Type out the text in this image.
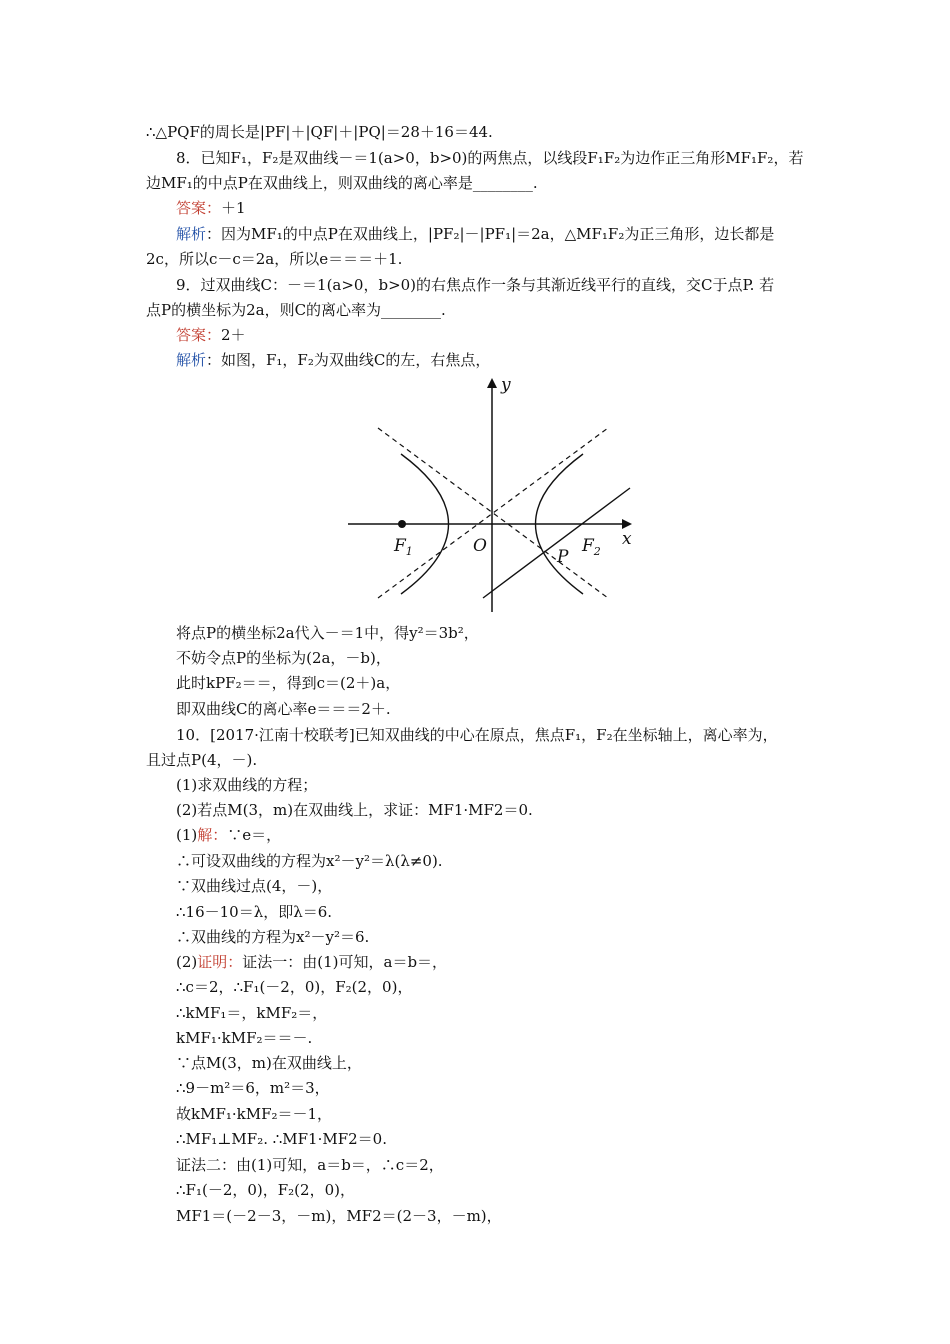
∴△PQF的周长是|PF|＋|QF|＋|PQ|＝28＋16＝44.
8．已知F₁，F₂是双曲线－＝1(a>0，b>0)的两焦点，以线段F₁F₂为边作正三角形MF₁F₂，若
边MF₁的中点P在双曲线上，则双曲线的离心率是________.
答案：＋1
解析：因为MF₁的中点P在双曲线上，|PF₂|－|PF₁|＝2a，△MF₁F₂为正三角形，边长都是
2c，所以c－c＝2a，所以e＝＝＝＋1.
9．过双曲线C：－＝1(a>0，b>0)的右焦点作一条与其渐近线平行的直线，交C于点P. 若
点P的横坐标为2a，则C的离心率为________.
答案：2＋
解析：如图，F₁，F₂为双曲线C的左，右焦点，
y
x
O
$F_1$	$F_2$
P
将点P的横坐标2a代入－＝1中，得y²＝3b²，
不妨令点P的坐标为(2a，－b)，
此时kPF₂＝＝，得到c＝(2＋)a，
即双曲线C的离心率e＝＝＝2＋.
10．[2017·江南十校联考]已知双曲线的中心在原点，焦点F₁，F₂在坐标轴上，离心率为，
且过点P(4，－).
(1)求双曲线的方程；
(2)若点M(3，m)在双曲线上，求证：MF1·MF2＝0.
(1)解：∵e＝，
∴可设双曲线的方程为x²－y²＝λ(λ≠0).
∵双曲线过点(4，－)，
∴16－10＝λ，即λ＝6.
∴双曲线的方程为x²－y²＝6.
(2)证明：证法一：由(1)可知，a＝b＝，
∴c＝2，∴F₁(－2，0)，F₂(2，0)，
∴kMF₁＝，kMF₂＝，
kMF₁·kMF₂＝＝－.
∵点M(3，m)在双曲线上，
∴9－m²＝6，m²＝3，
故kMF₁·kMF₂＝－1，
∴MF₁⊥MF₂. ∴MF1·MF2＝0.
证法二：由(1)可知，a＝b＝，∴c＝2，
∴F₁(－2，0)，F₂(2，0)，
MF1＝(－2－3，－m)，MF2＝(2－3，－m)，
